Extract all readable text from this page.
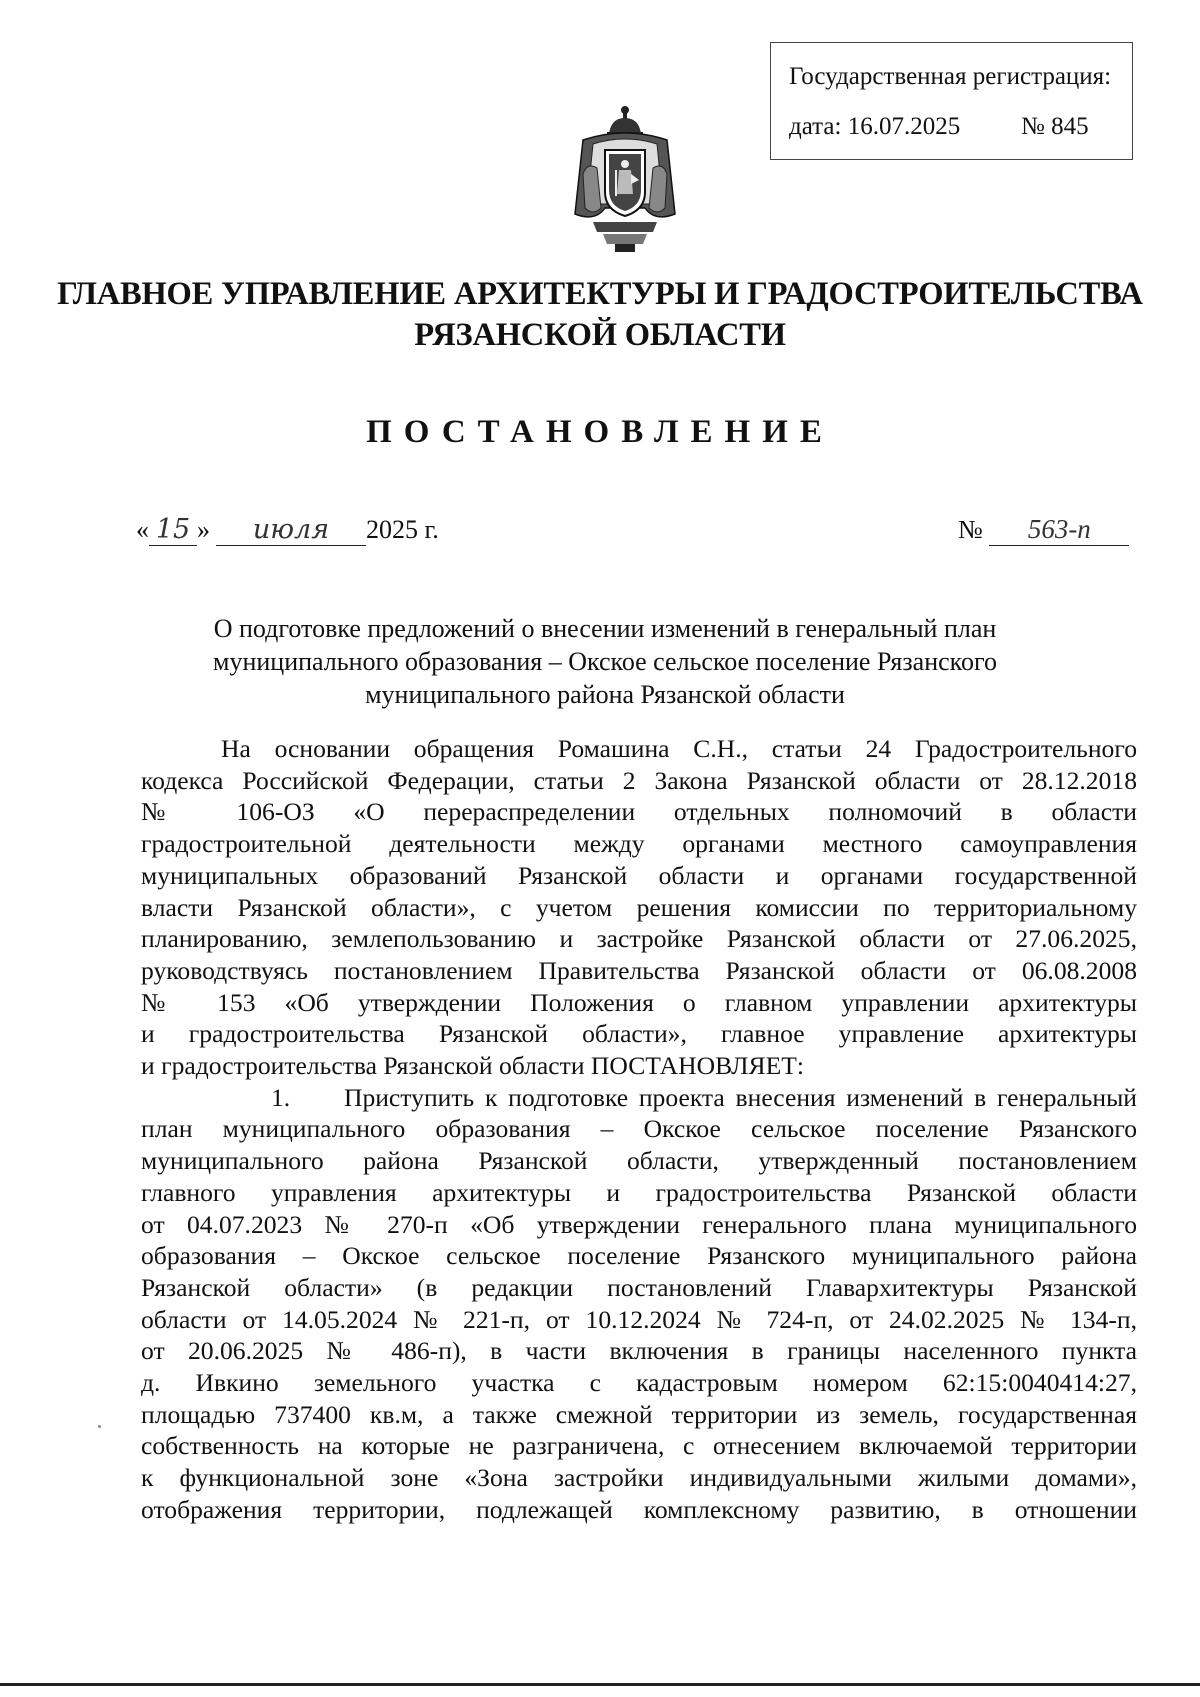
Государственная регистрация:
дата: 16.07.2025 № 845
ГЛАВНОЕ УПРАВЛЕНИЕ АРХИТЕКТУРЫ И ГРАДОСТРОИТЕЛЬСТВА
РЯЗАНСКОЙ ОБЛАСТИ
ПОСТАНОВЛЕНИЕ
« 15 » июля 2025 г.	№ 563-п
О подготовке предложений о внесении изменений в генеральный план
муниципального образования – Окское сельское поселение Рязанского
муниципального района Рязанской области
На основании обращения Ромашина С.Н., статьи 24 Градостроительного
кодекса Российской Федерации, статьи 2 Закона Рязанской области от 28.12.2018
№ 106-ОЗ «О перераспределении отдельных полномочий в области
градостроительной деятельности между органами местного самоуправления
муниципальных образований Рязанской области и органами государственной
власти Рязанской области», с учетом решения комиссии по территориальному
планированию, землепользованию и застройке Рязанской области от 27.06.2025,
руководствуясь постановлением Правительства Рязанской области от 06.08.2008
№ 153 «Об утверждении Положения о главном управлении архитектуры
и градостроительства Рязанской области», главное управление архитектуры
и градостроительства Рязанской области ПОСТАНОВЛЯЕТ:
1.     Приступить к подготовке проекта внесения изменений в генеральный
план муниципального образования – Окское сельское поселение Рязанского
муниципального района Рязанской области, утвержденный постановлением
главного управления архитектуры и градостроительства Рязанской области
от 04.07.2023 № 270-п «Об утверждении генерального плана муниципального
образования – Окское сельское поселение Рязанского муниципального района
Рязанской области» (в редакции постановлений Главархитектуры Рязанской
области от 14.05.2024 № 221-п, от 10.12.2024 № 724-п, от 24.02.2025 № 134-п,
от 20.06.2025 № 486-п), в части включения в границы населенного пункта
д. Ивкино земельного участка с кадастровым номером 62:15:0040414:27,
площадью 737400 кв.м, а также смежной территории из земель, государственная
собственность на которые не разграничена, с отнесением включаемой территории
к функциональной зоне «Зона застройки индивидуальными жилыми домами»,
отображения территории, подлежащей комплексному развитию, в отношении
